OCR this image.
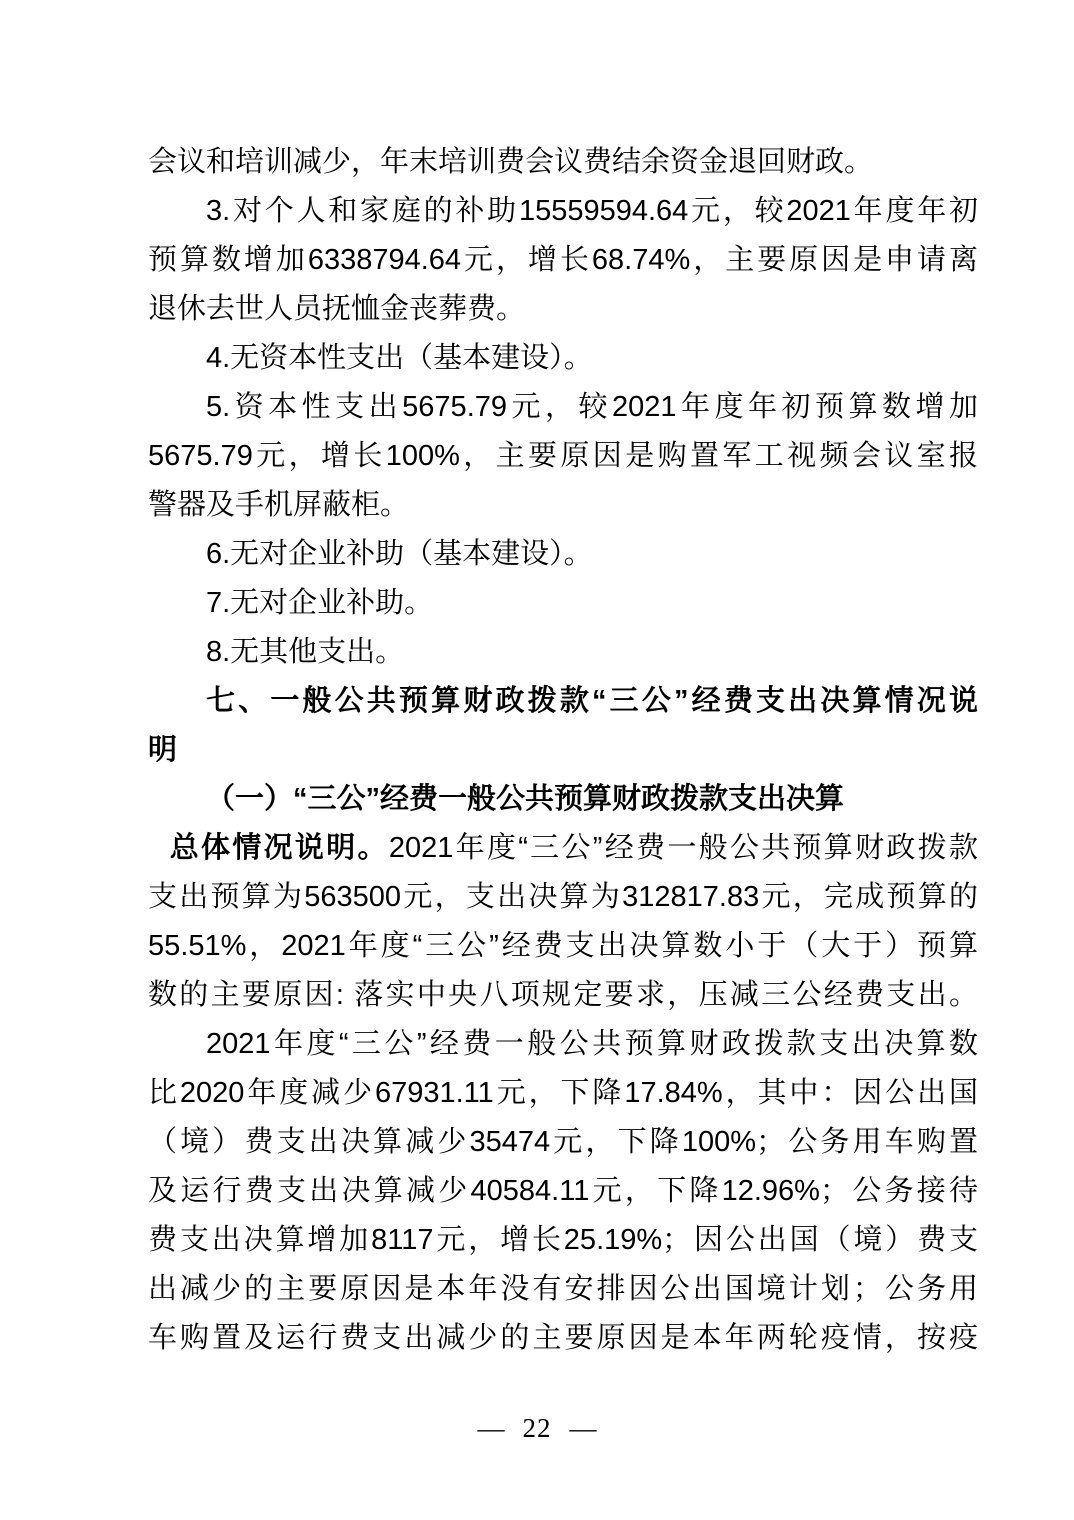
会议和培训减少，年末培训费会议费结余资金退回财政。
3.对个人和家庭的补助15559594.64元，较2021年度年初
预算数增加6338794.64元，增长68.74%，主要原因是申请离
退休去世人员抚恤金丧葬费。
4.无资本性支出（基本建设）。
5.资本性支出5675.79元，较2021年度年初预算数增加
5675.79元，增长100%，主要原因是购置军工视频会议室报
警器及手机屏蔽柜。
6.无对企业补助（基本建设）。
7.无对企业补助。
8.无其他支出。
七、一般公共预算财政拨款“三公”经费支出决算情况说
明
（一）“三公”经费一般公共预算财政拨款支出决算
总体情况说明。2021年度“三公”经费一般公共预算财政拨款
支出预算为563500元，支出决算为312817.83元，完成预算的
55.51%，2021年度“三公”经费支出决算数小于（大于）预算
数的主要原因: 落实中央八项规定要求，压减三公经费支出。
2021年度“三公”经费一般公共预算财政拨款支出决算数
比2020年度减少67931.11元，下降17.84%，其中：因公出国
（境）费支出决算减少35474元，下降100%；公务用车购置
及运行费支出决算减少40584.11元，下降12.96%；公务接待
费支出决算增加8117元，增长25.19%；因公出国（境）费支
出减少的主要原因是本年没有安排因公出国境计划；公务用
车购置及运行费支出减少的主要原因是本年两轮疫情，按疫
— 22 —
